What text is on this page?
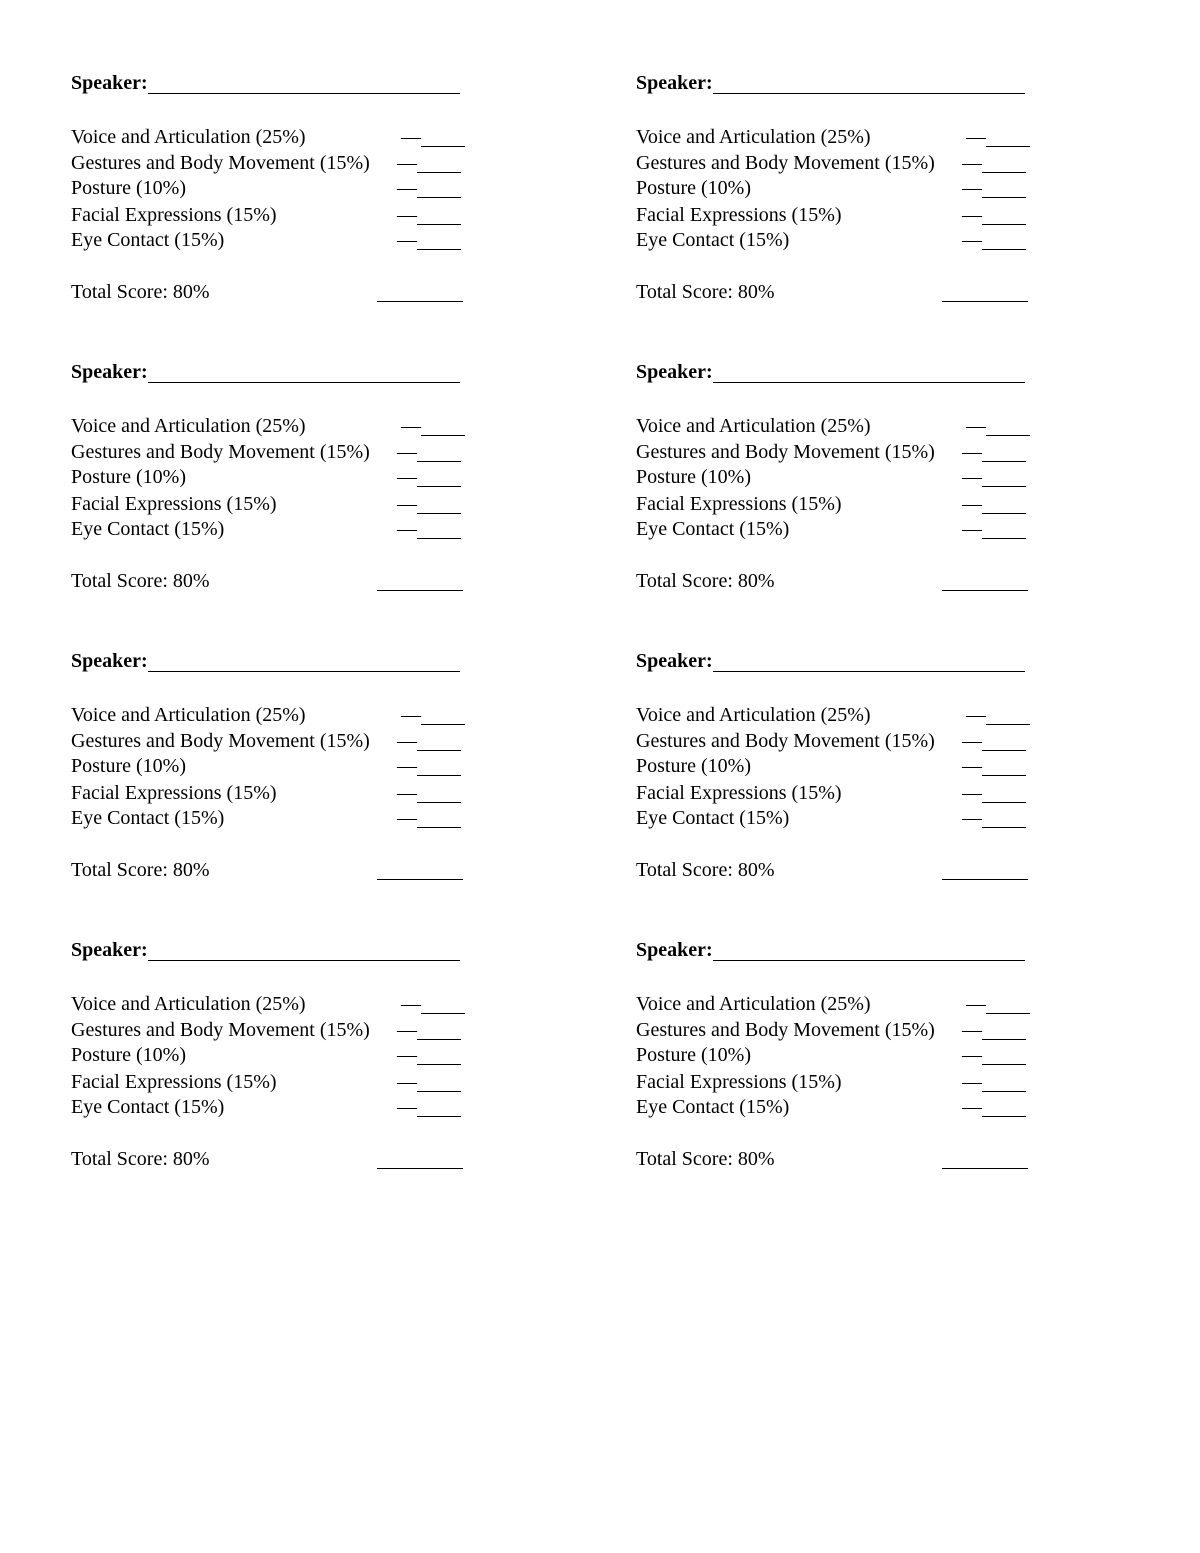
Speaker:
Voice and Articulation (25%)	—
Gestures and Body Movement (15%) —
Posture (10%)	—
Facial Expressions (15%)	—
Eye Contact (15%)	—
Total Score: 80%
Speaker:
Voice and Articulation (25%)	—
Gestures and Body Movement (15%) —
Posture (10%)	—
Facial Expressions (15%)	—
Eye Contact (15%)	—
Total Score: 80%
Speaker:
Voice and Articulation (25%)	—
Gestures and Body Movement (15%) —
Posture (10%)	—
Facial Expressions (15%)	—
Eye Contact (15%)	—
Total Score: 80%
Speaker:
Voice and Articulation (25%)	—
Gestures and Body Movement (15%) —
Posture (10%)	—
Facial Expressions (15%)	—
Eye Contact (15%)	—
Total Score: 80%
Speaker:
Voice and Articulation (25%)	—
Gestures and Body Movement (15%) —
Posture (10%)	—
Facial Expressions (15%)	—
Eye Contact (15%)	—
Total Score: 80%
Speaker:
Voice and Articulation (25%)	—
Gestures and Body Movement (15%) —
Posture (10%)	—
Facial Expressions (15%)	—
Eye Contact (15%)	—
Total Score: 80%
Speaker:
Voice and Articulation (25%)	—
Gestures and Body Movement (15%) —
Posture (10%)	—
Facial Expressions (15%)	—
Eye Contact (15%)	—
Total Score: 80%
Speaker:
Voice and Articulation (25%)	—
Gestures and Body Movement (15%) —
Posture (10%)	—
Facial Expressions (15%)	—
Eye Contact (15%)	—
Total Score: 80%
